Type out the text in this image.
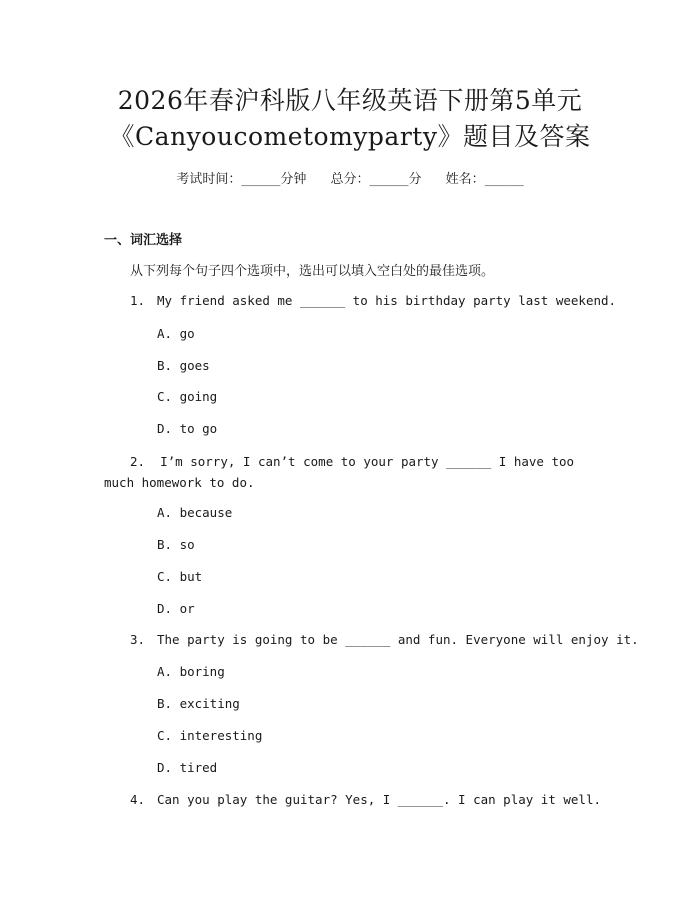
2026年春沪科版八年级英语下册第5单元
《Canyoucometomyparty》题目及答案
考试时间：______分钟 总分：______分 姓名：______
一、词汇选择
从下列每个句子四个选项中，选出可以填入空白处的最佳选项。
1. My friend asked me ______ to his birthday party last weekend.
A. go
B. goes
C. going
D. to go
2. I’m sorry, I can’t come to your party ______ I have too much homework to do.
A. because
B. so
C. but
D. or
3. The party is going to be ______ and fun. Everyone will enjoy it.
A. boring
B. exciting
C. interesting
D. tired
4. Can you play the guitar? Yes, I ______. I can play it well.
